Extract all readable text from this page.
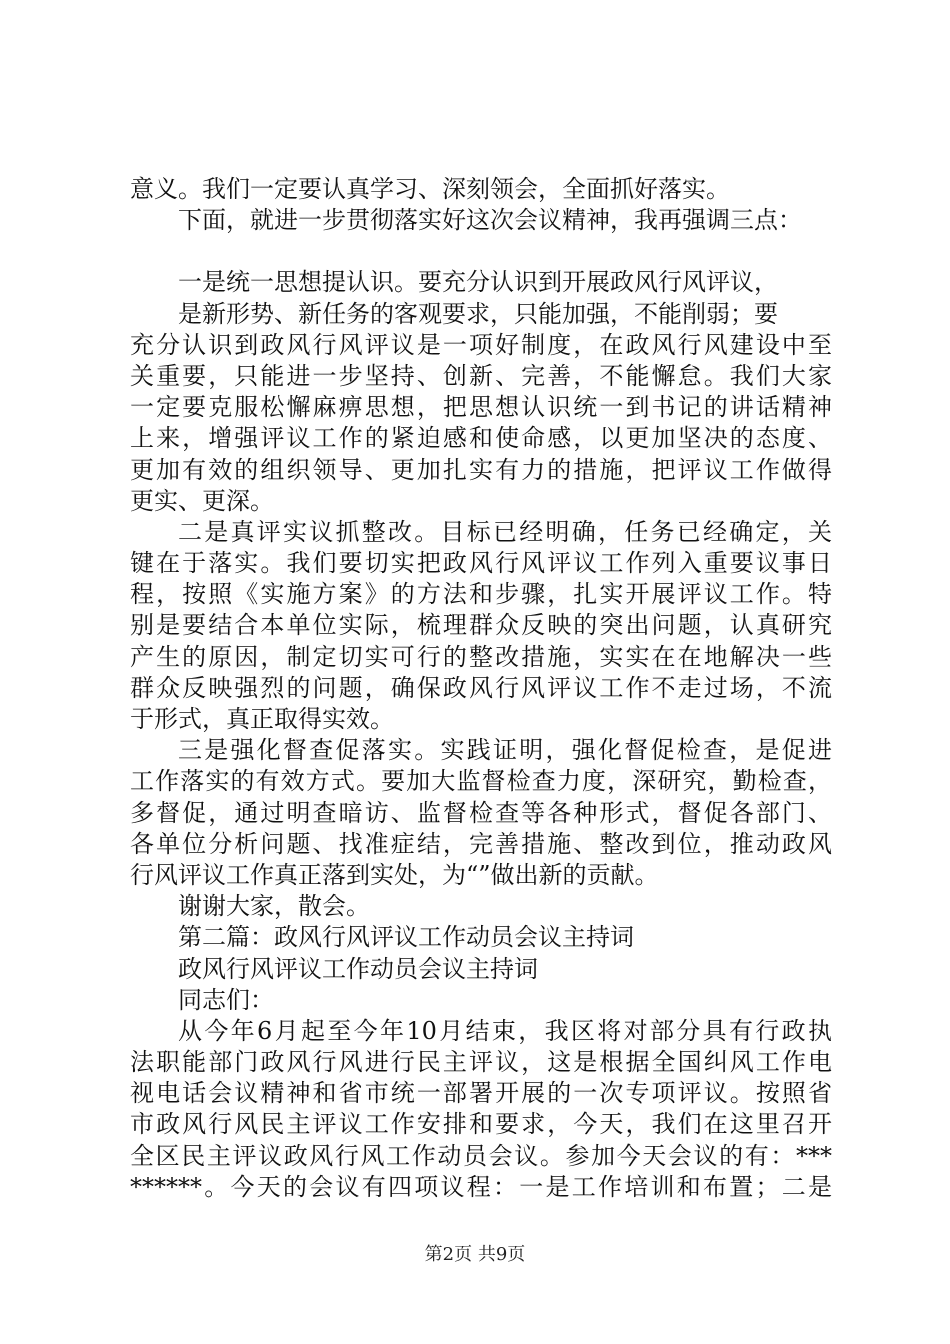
意义。我们一定要认真学习、深刻领会，全面抓好落实。
下面，就进一步贯彻落实好这次会议精神，我再强调三点：
一是统一思想提认识。要充分认识到开展政风行风评议，
是新形势、新任务的客观要求，只能加强，不能削弱；要
充分认识到政风行风评议是一项好制度，在政风行风建设中至
关重要，只能进一步坚持、创新、完善，不能懈怠。我们大家
一定要克服松懈麻痹思想，把思想认识统一到书记的讲话精神
上来，增强评议工作的紧迫感和使命感，以更加坚决的态度、
更加有效的组织领导、更加扎实有力的措施，把评议工作做得
更实、更深。
二是真评实议抓整改。目标已经明确，任务已经确定，关
键在于落实。我们要切实把政风行风评议工作列入重要议事日
程，按照《实施方案》的方法和步骤，扎实开展评议工作。特
别是要结合本单位实际，梳理群众反映的突出问题，认真研究
产生的原因，制定切实可行的整改措施，实实在在地解决一些
群众反映强烈的问题，确保政风行风评议工作不走过场，不流
于形式，真正取得实效。
三是强化督查促落实。实践证明，强化督促检查，是促进
工作落实的有效方式。要加大监督检查力度，深研究，勤检查，
多督促，通过明查暗访、监督检查等各种形式，督促各部门、
各单位分析问题、找准症结，完善措施、整改到位，推动政风
行风评议工作真正落到实处，为“”做出新的贡献。
谢谢大家，散会。
第二篇：政风行风评议工作动员会议主持词
政风行风评议工作动员会议主持词
同志们：
从今年6月起至今年10月结束，我区将对部分具有行政执
法职能部门政风行风进行民主评议，这是根据全国纠风工作电
视电话会议精神和省市统一部署开展的一次专项评议。按照省
市政风行风民主评议工作安排和要求，今天，我们在这里召开
全区民主评议政风行风工作动员会议。参加今天会议的有：***
******。今天的会议有四项议程：一是工作培训和布置；二是
第2页 共9页
